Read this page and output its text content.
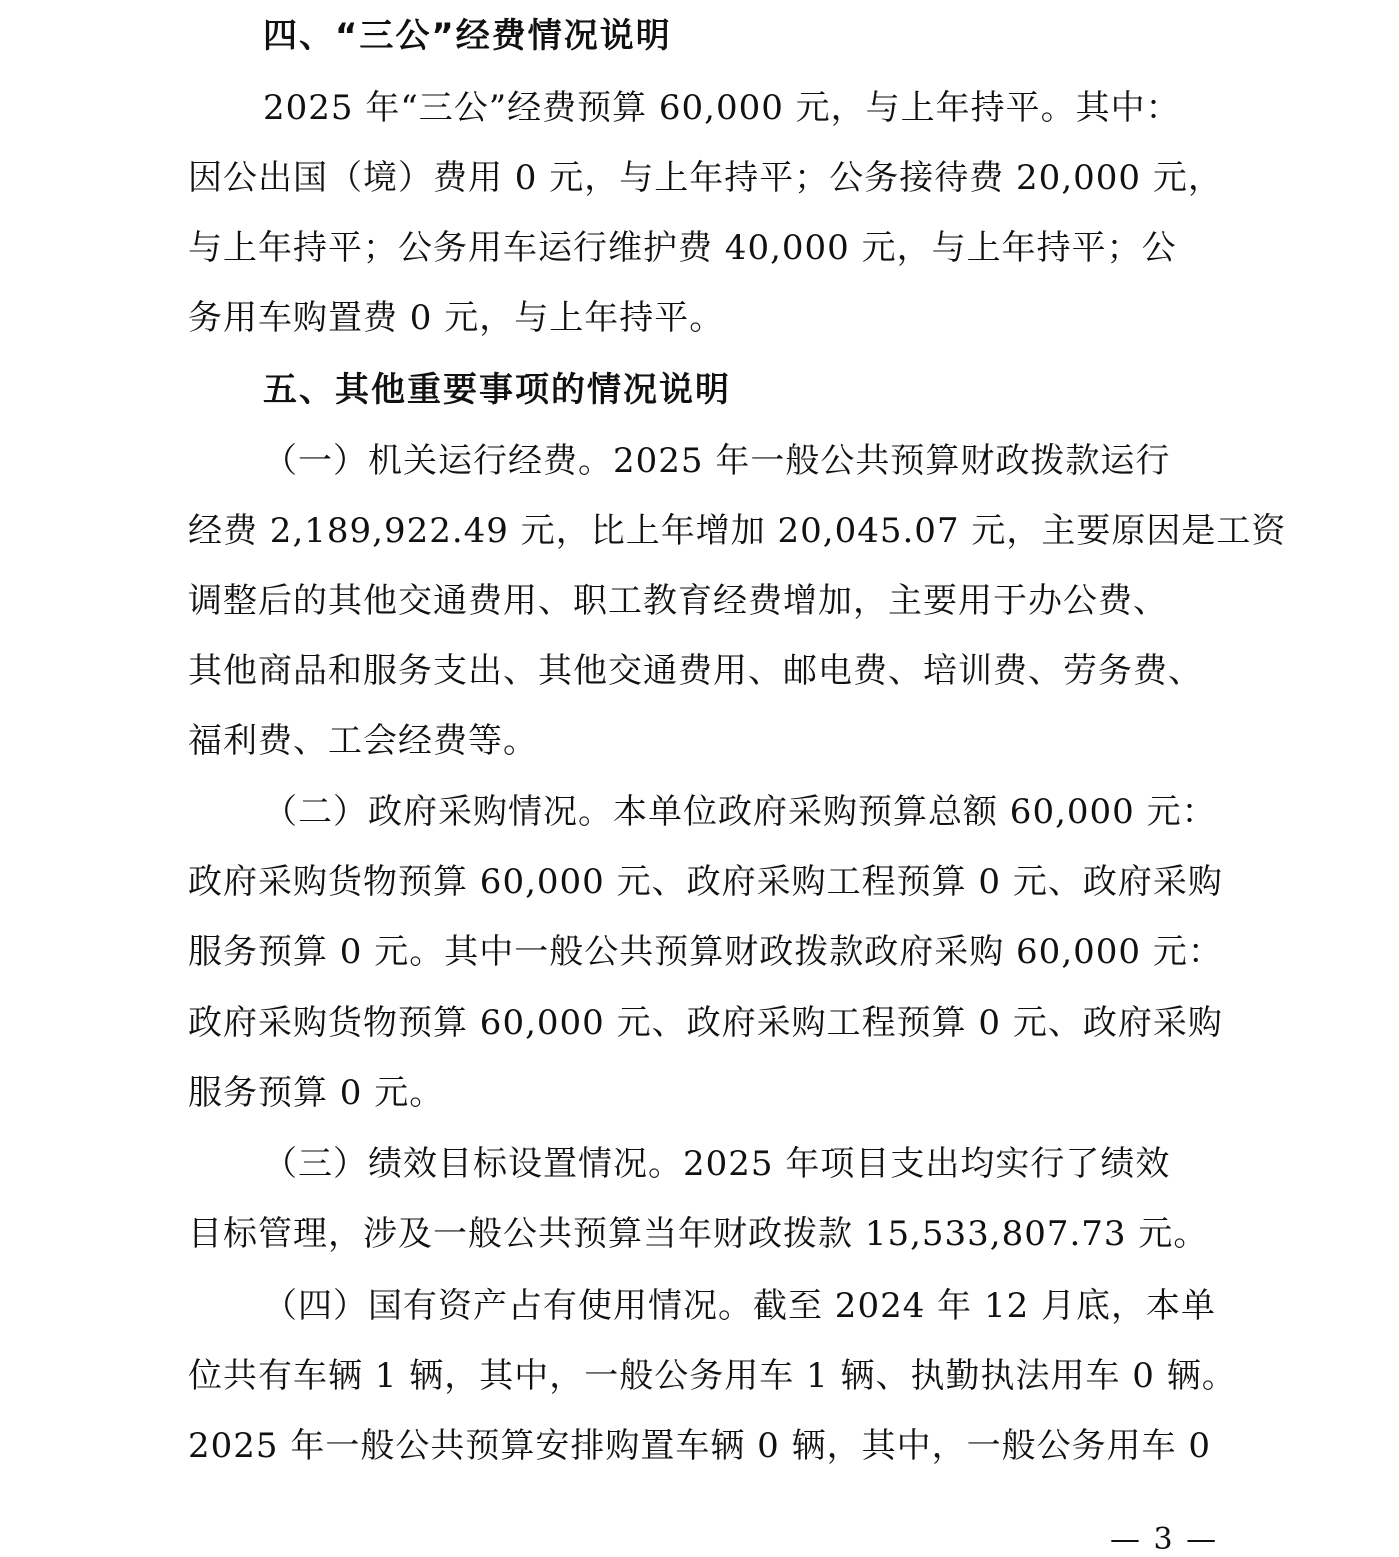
四、“三公”经费情况说明
2025 年“三公”经费预算 60,000 元，与上年持平。其中：
因公出国（境）费用 0 元，与上年持平；公务接待费 20,000 元，
与上年持平；公务用车运行维护费 40,000 元，与上年持平；公
务用车购置费 0 元，与上年持平。
五、其他重要事项的情况说明
（一）机关运行经费。2025 年一般公共预算财政拨款运行
经费 2,189,922.49 元，比上年增加 20,045.07 元，主要原因是工资
调整后的其他交通费用、职工教育经费增加，主要用于办公费、
其他商品和服务支出、其他交通费用、邮电费、培训费、劳务费、
福利费、工会经费等。
（二）政府采购情况。本单位政府采购预算总额 60,000 元：
政府采购货物预算 60,000 元、政府采购工程预算 0 元、政府采购
服务预算 0 元。其中一般公共预算财政拨款政府采购 60,000 元：
政府采购货物预算 60,000 元、政府采购工程预算 0 元、政府采购
服务预算 0 元。
（三）绩效目标设置情况。2025 年项目支出均实行了绩效
目标管理，涉及一般公共预算当年财政拨款 15,533,807.73 元。
（四）国有资产占有使用情况。截至 2024 年 12 月底，本单
位共有车辆 1 辆，其中，一般公务用车 1 辆、执勤执法用车 0 辆。
2025 年一般公共预算安排购置车辆 0 辆，其中，一般公务用车 0
— 3 —
